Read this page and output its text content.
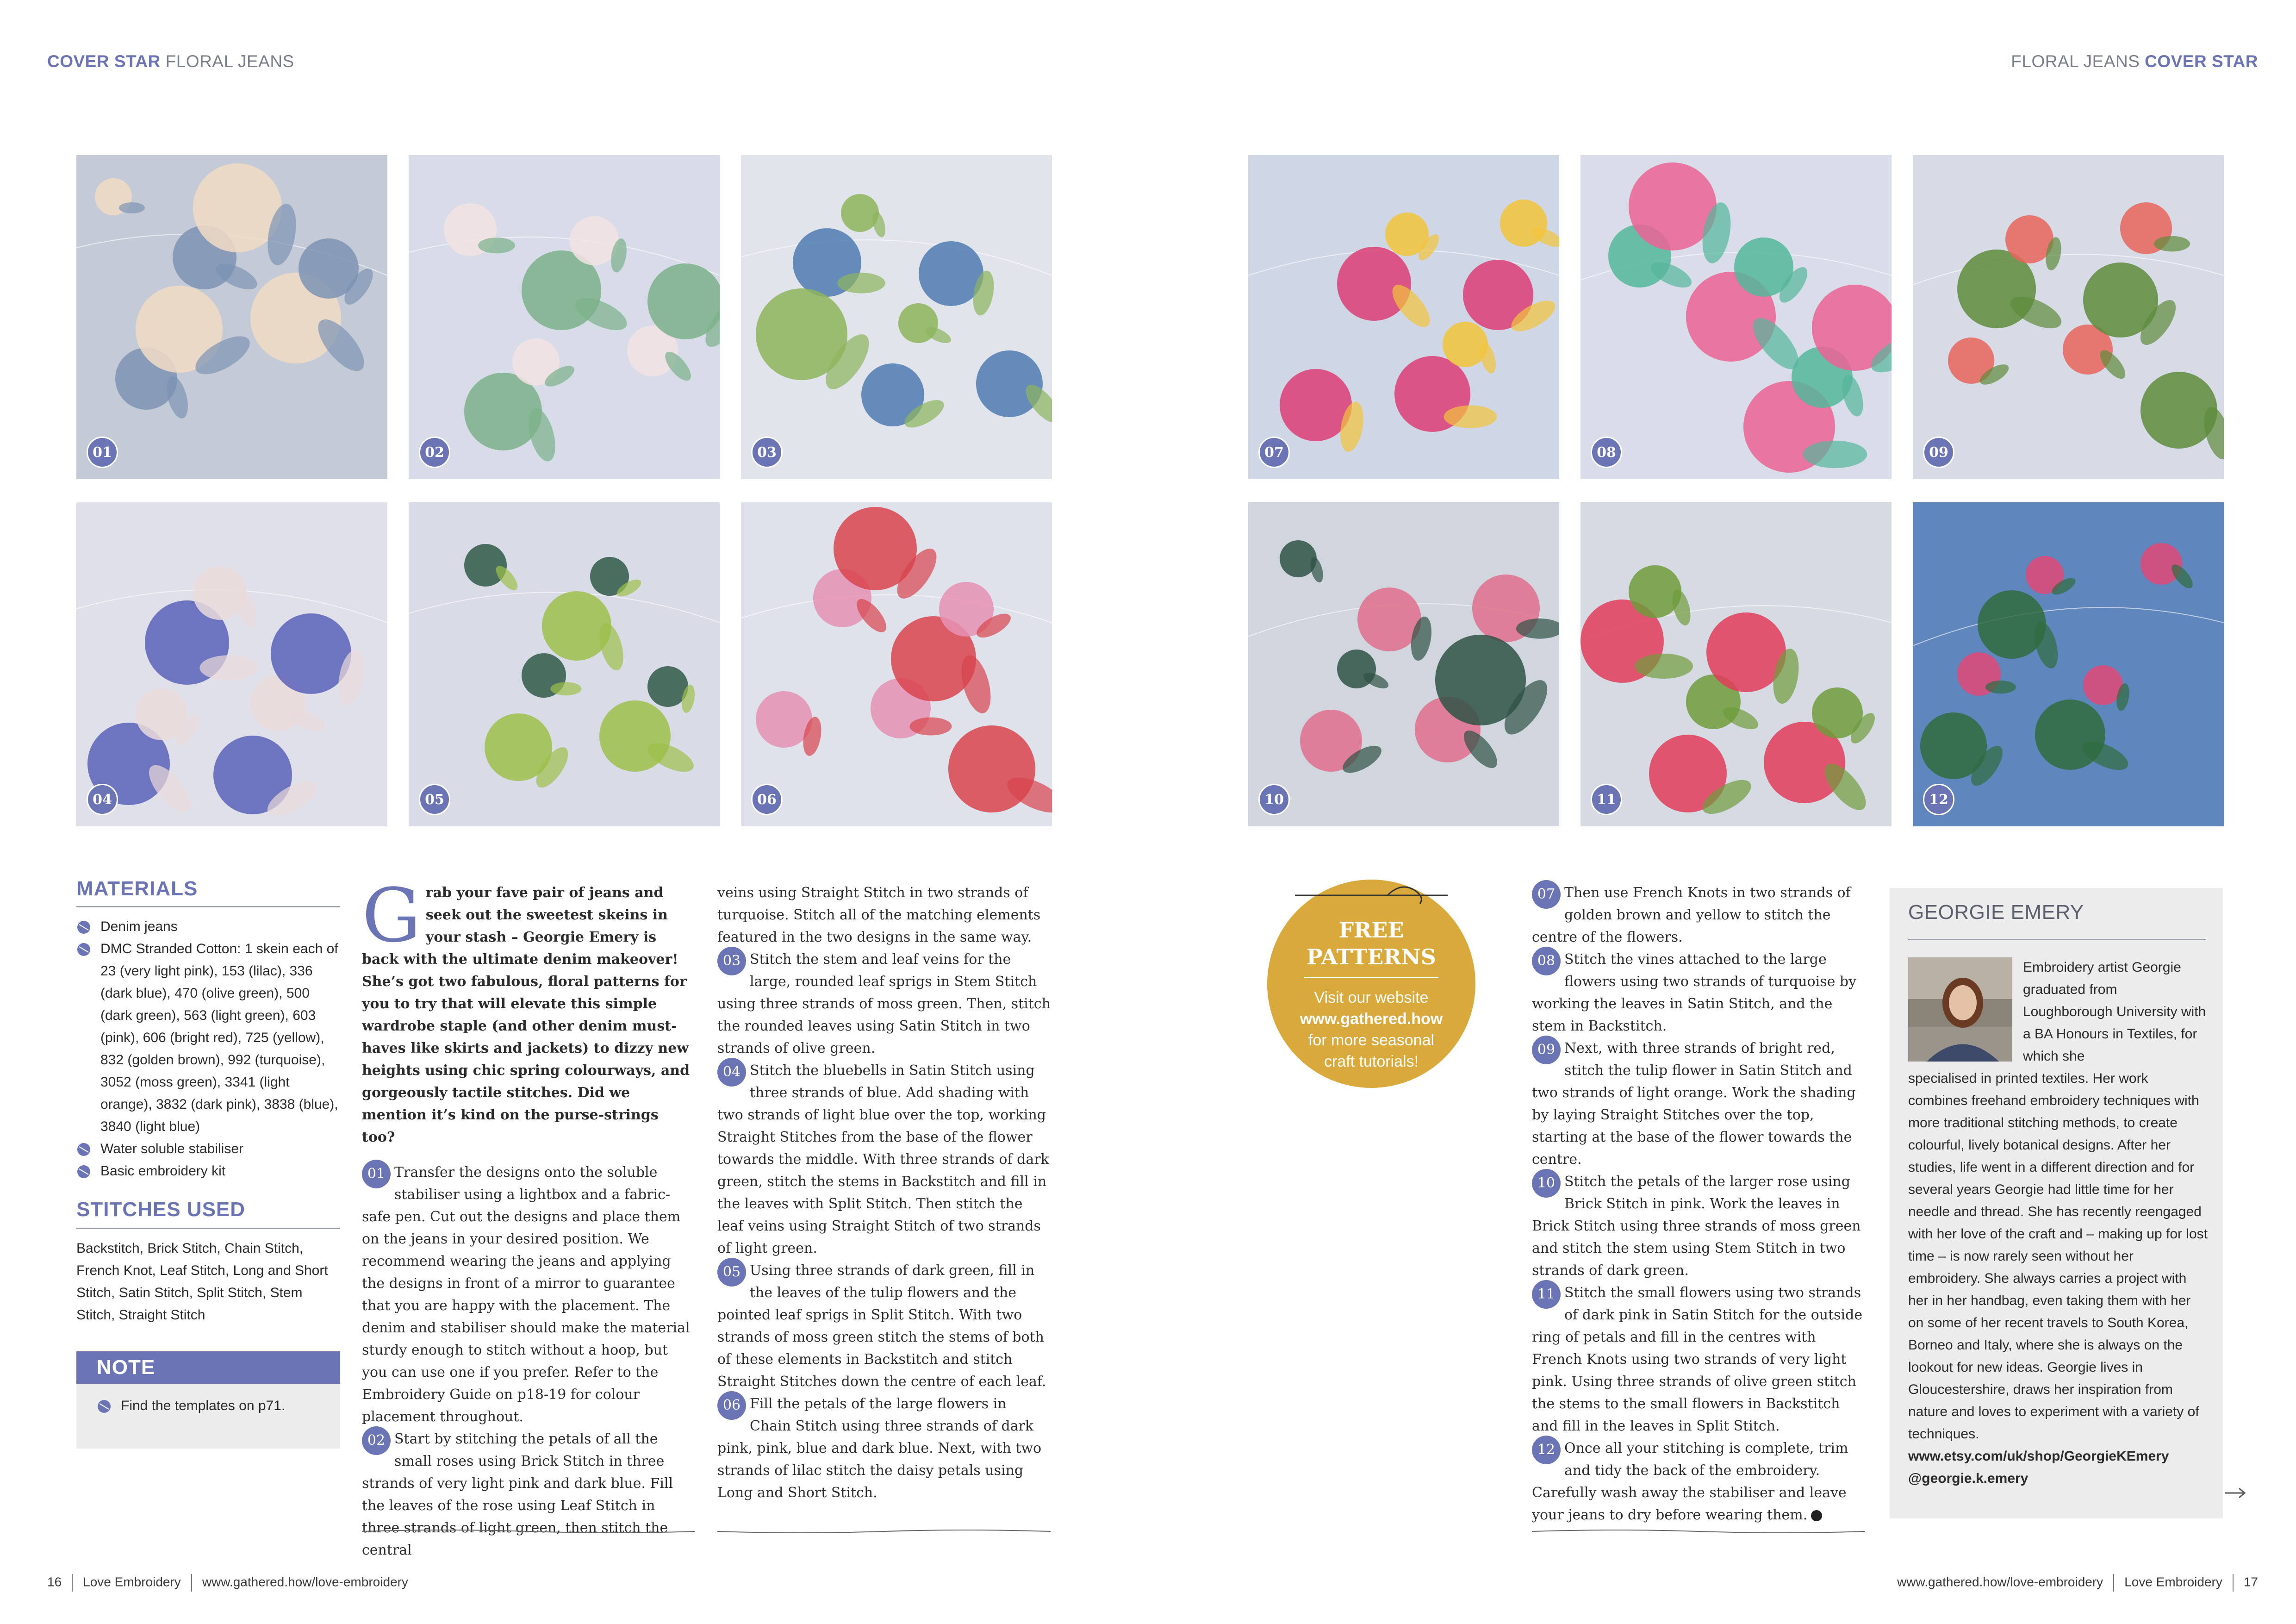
COVER STAR FLORAL JEANS	FLORAL JEANS COVER STAR
01	02	03
04	05	06
07	08	09
10	11	12
MATERIALS
Denim jeans
DMC Stranded Cotton: 1 skein each of 23 (very light pink), 153 (lilac), 336 (dark blue), 470 (olive green), 500 (dark green), 563 (light green), 603 (pink), 606 (bright red), 725 (yellow), 832 (golden brown), 992 (turquoise), 3052 (moss green), 3341 (light orange), 3832 (dark pink), 3838 (blue), 3840 (light blue)
Water soluble stabiliser
Basic embroidery kit
STITCHES USED
Backstitch, Brick Stitch, Chain Stitch, French Knot, Leaf Stitch, Long and Short Stitch, Satin Stitch, Split Stitch, Stem Stitch, Straight Stitch
NOTE
Find the templates on p71.

Grab your fave pair of jeans and seek out the sweetest skeins in your stash – Georgie Emery is back with the ultimate denim makeover! She’s got two fabulous, floral patterns for you to try that will elevate this simple wardrobe staple (and other denim must-haves like skirts and jackets) to dizzy new heights using chic spring colourways, and gorgeously tactile stitches. Did we mention it’s kind on the purse-strings too?

01 Transfer the designs onto the soluble stabiliser using a lightbox and a fabric-safe pen. Cut out the designs and place them on the jeans in your desired position. We recommend wearing the jeans and applying the designs in front of a mirror to guarantee that you are happy with the placement. The denim and stabiliser should make the material sturdy enough to stitch without a hoop, but you can use one if you prefer. Refer to the Embroidery Guide on p18-19 for colour placement throughout.

02 Start by stitching the petals of all the small roses using Brick Stitch in three strands of very light pink and dark blue. Fill the leaves of the rose using Leaf Stitch in three strands of light green, then stitch the central

veins using Straight Stitch in two strands of turquoise. Stitch all of the matching elements featured in the two designs in the same way.

03 Stitch the stem and leaf veins for the large, rounded leaf sprigs in Stem Stitch using three strands of moss green. Then, stitch the rounded leaves using Satin Stitch in two strands of olive green.

04 Stitch the bluebells in Satin Stitch using three strands of blue. Add shading with two strands of light blue over the top, working Straight Stitches from the base of the flower towards the middle. With three strands of dark green, stitch the stems in Backstitch and fill in the leaves with Split Stitch. Then stitch the leaf veins using Straight Stitch of two strands of light green.

05 Using three strands of dark green, fill in the leaves of the tulip flowers and the pointed leaf sprigs in Split Stitch. With two strands of moss green stitch the stems of both of these elements in Backstitch and stitch Straight Stitches down the centre of each leaf.

06 Fill the petals of the large flowers in Chain Stitch using three strands of dark pink, pink, blue and dark blue. Next, with two strands of lilac stitch the daisy petals using Long and Short Stitch.

FREE
PATTERNS
Visit our website
www.gathered.how
for more seasonal
craft tutorials!

07 Then use French Knots in two strands of golden brown and yellow to stitch the centre of the flowers.

08 Stitch the vines attached to the large flowers using two strands of turquoise by working the leaves in Satin Stitch, and the stem in Backstitch.

09 Next, with three strands of bright red, stitch the tulip flower in Satin Stitch and two strands of light orange. Work the shading by laying Straight Stitches over the top, starting at the base of the flower towards the centre.

10 Stitch the petals of the larger rose using Brick Stitch in pink. Work the leaves in Brick Stitch using three strands of moss green and stitch the stem using Stem Stitch in two strands of dark green.

11 Stitch the small flowers using two strands of dark pink in Satin Stitch for the outside ring of petals and fill in the centres with French Knots using two strands of very light pink. Using three strands of olive green stitch the stems to the small flowers in Backstitch and fill in the leaves in Split Stitch.

12 Once all your stitching is complete, trim and tidy the back of the embroidery. Carefully wash away the stabiliser and leave your jeans to dry before wearing them.

GEORGIE EMERY
Embroidery artist Georgie graduated from Loughborough University with a BA Honours in Textiles, for which she
specialised in printed textiles. Her work combines freehand embroidery techniques with more traditional stitching methods, to create colourful, lively botanical designs. After her studies, life went in a different direction and for several years Georgie had little time for her needle and thread. She has recently reengaged with her love of the craft and – making up for lost time – is now rarely seen without her embroidery. She always carries a project with her in her handbag, even taking them with her on some of her recent travels to South Korea, Borneo and Italy, where she is always on the lookout for new ideas. Georgie lives in Gloucestershire, draws her inspiration from nature and loves to experiment with a variety of techniques.
www.etsy.com/uk/shop/GeorgieKEmery
@georgie.k.emery
16 Love Embroidery www.gathered.how/love-embroidery	www.gathered.how/love-embroidery Love Embroidery 17
